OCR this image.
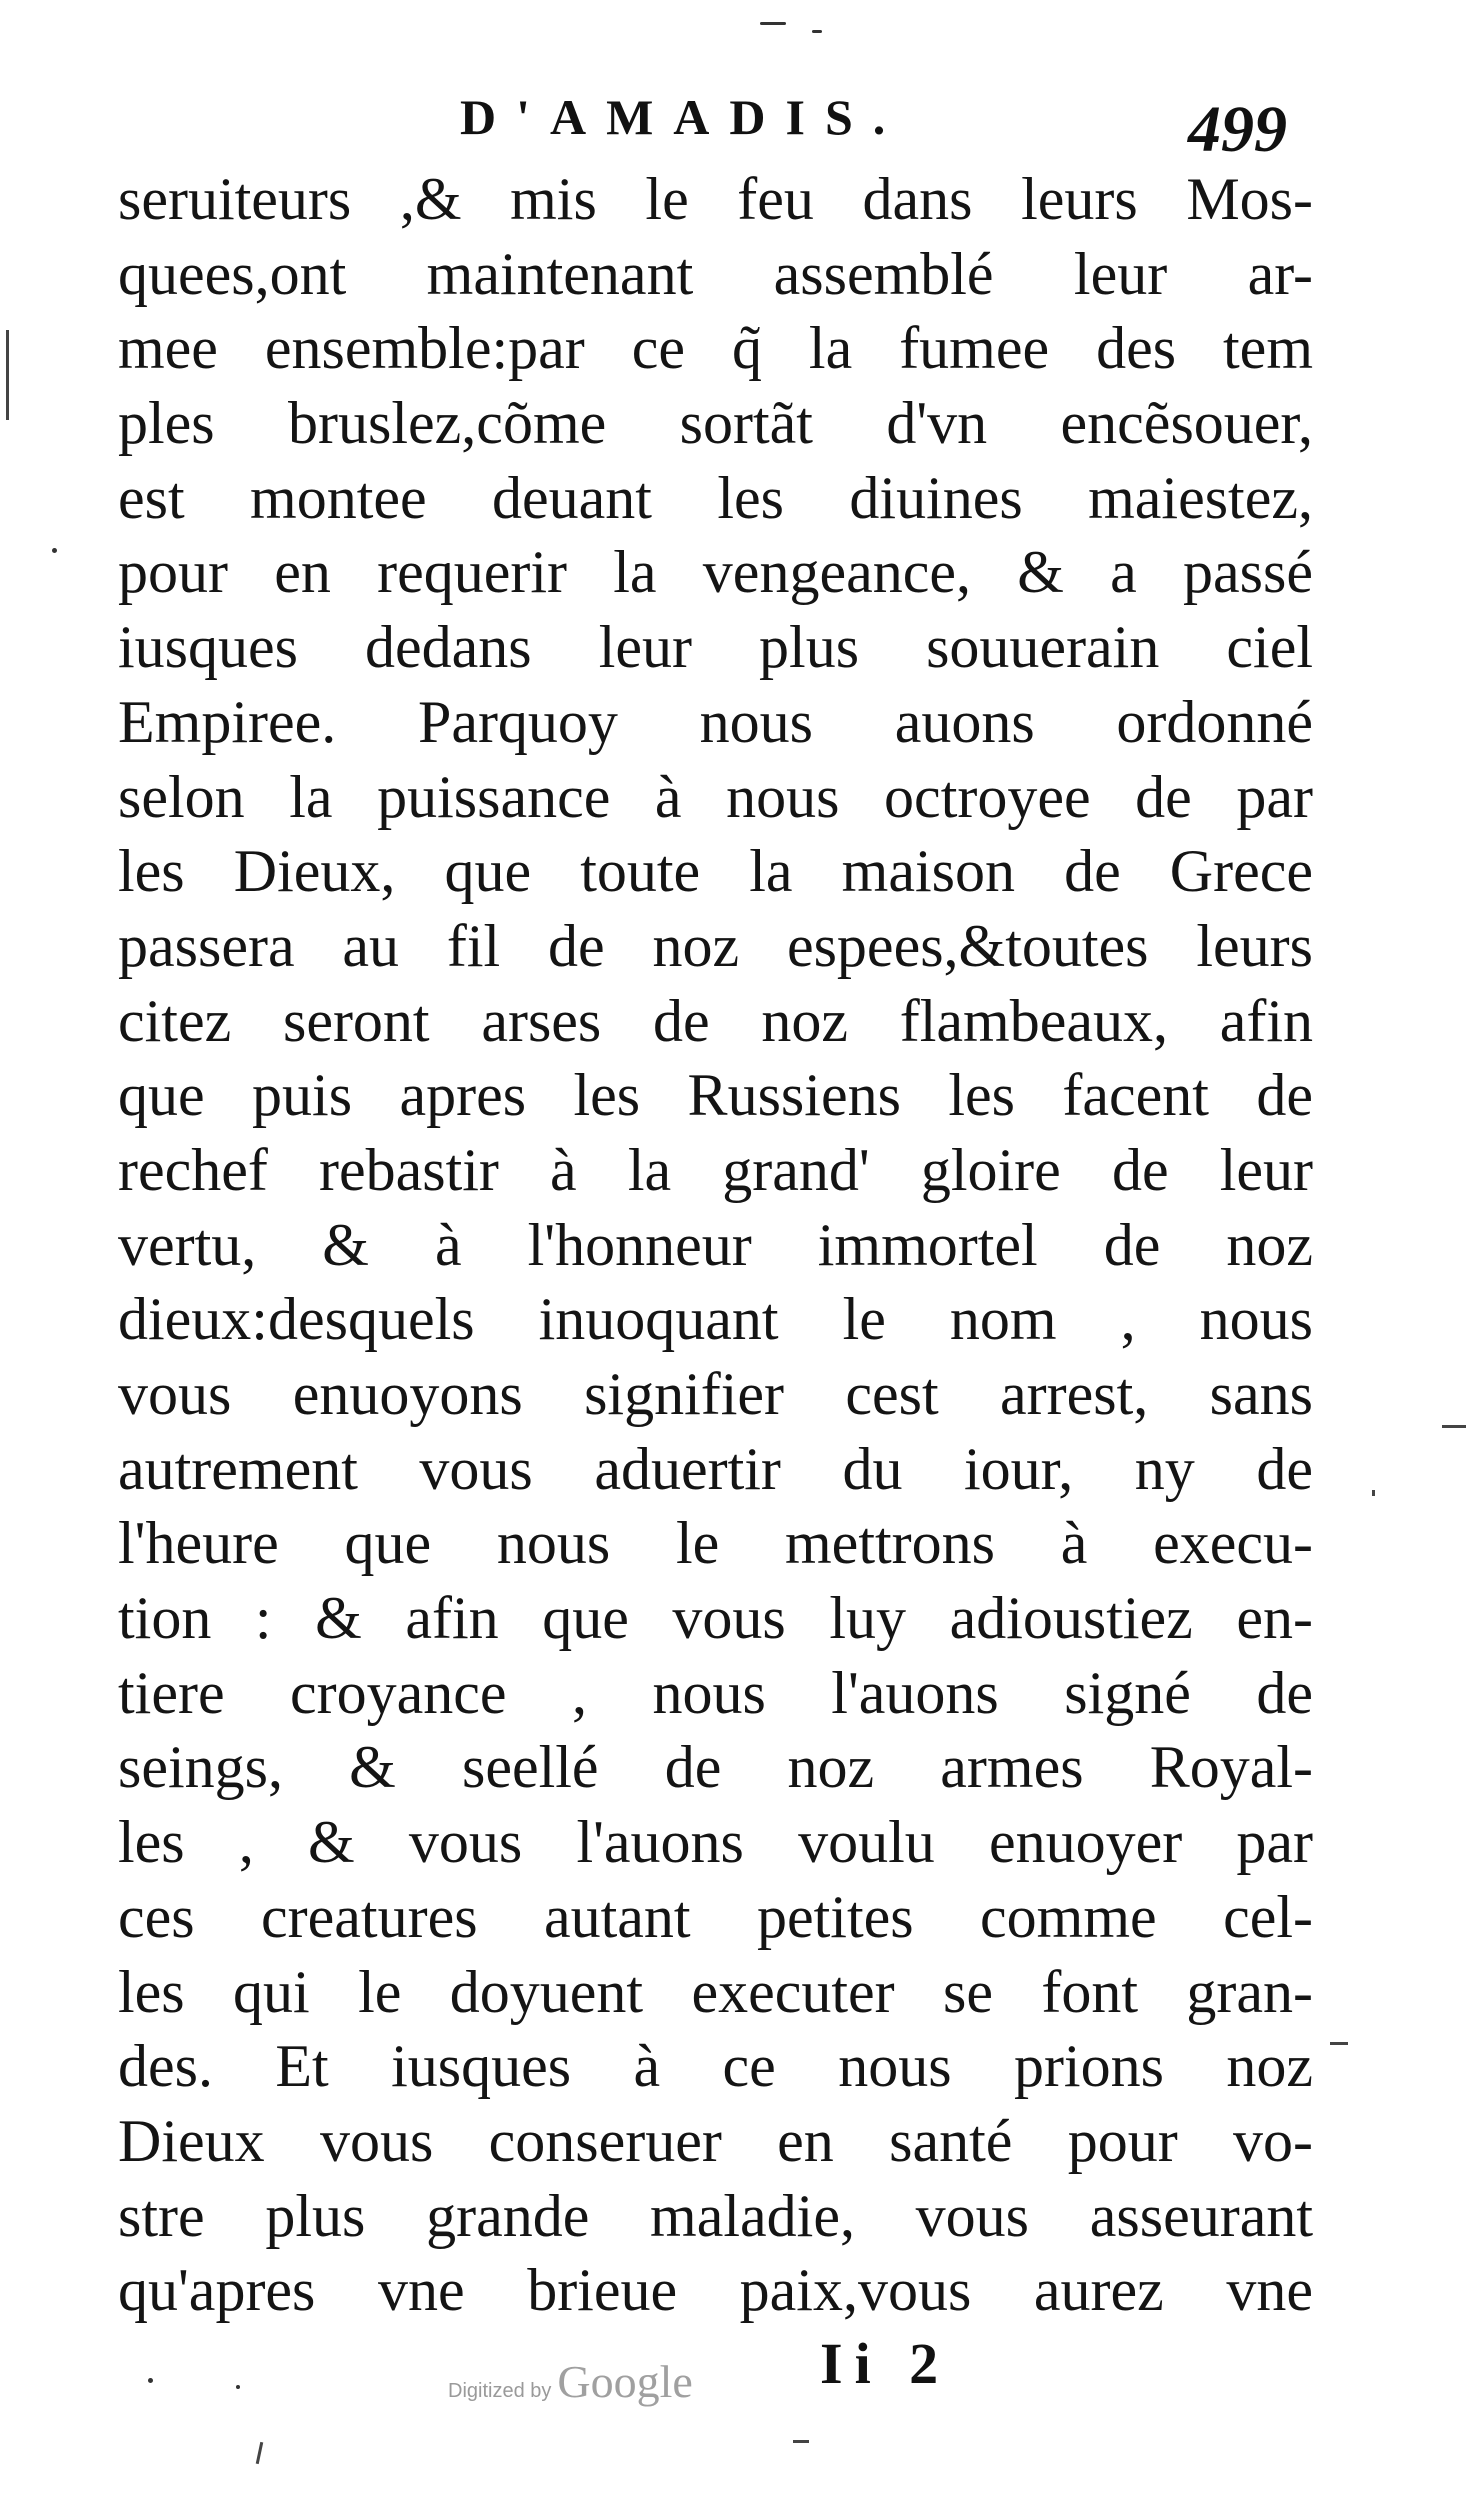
D'AMADIS.	499
seruiteurs ,& mis le feu dans leurs Mos-
quees,ont maintenant assemblé leur ar-
mee ensemble:par ce q̃ la fumee des tem
ples bruslez,cõme sortãt d'vn encẽsouer,
est montee deuant les diuines maiestez,
pour en requerir la vengeance, & a passé
iusques dedans leur plus souuerain ciel
Empiree. Parquoy nous auons ordonné
selon la puissance à nous octroyee de par
les Dieux, que toute la maison de Grece
passera au fil de noz espees,&toutes leurs
citez seront arses de noz flambeaux, afin
que puis apres les Russiens les facent de
rechef rebastir à la grand' gloire de leur
vertu, & à l'honneur immortel de noz
dieux:desquels inuoquant le nom , nous
vous enuoyons signifier cest arrest, sans
autrement vous aduertir du iour, ny de
l'heure que nous le mettrons à execu-
tion : & afin que vous luy adioustiez en-
tiere croyance , nous l'auons signé de
seings, & seellé de noz armes Royal-
les , & vous l'auons voulu enuoyer par
ces creatures autant petites comme cel-
les qui le doyuent executer se font gran-
des. Et iusques à ce nous prions noz
Dieux vous conseruer en santé pour vo-
stre plus grande maladie, vous asseurant
qu'apres vne brieue paix,vous aurez vne
Digitized by Google Ii 2
